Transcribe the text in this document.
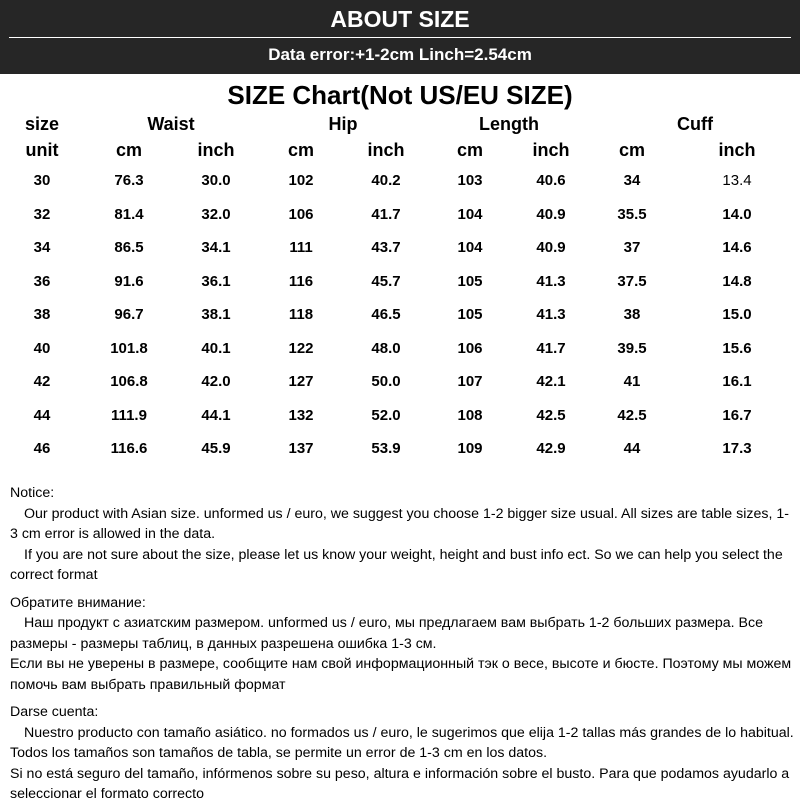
ABOUT SIZE
Data error:+1-2cm Linch=2.54cm
SIZE Chart(Not US/EU SIZE)
size	Waist		Hip		Length		Cuff	
unit	cm	inch	cm	inch	cm	inch	cm	inch
30	76.3	30.0	102	40.2	103	40.6	34	13.4
32	81.4	32.0	106	41.7	104	40.9	35.5	14.0
34	86.5	34.1	111	43.7	104	40.9	37	14.6
36	91.6	36.1	116	45.7	105	41.3	37.5	14.8
38	96.7	38.1	118	46.5	105	41.3	38	15.0
40	101.8	40.1	122	48.0	106	41.7	39.5	15.6
42	106.8	42.0	127	50.0	107	42.1	41	16.1
44	111.9	44.1	132	52.0	108	42.5	42.5	16.7
46	116.6	45.9	137	53.9	109	42.9	44	17.3
Notice:
Our product with Asian size. unformed us / euro, we suggest you choose 1-2 bigger size usual. All sizes are table sizes, 1-3 cm error is allowed in the data.
If you are not sure about the size, please let us know your weight, height and bust info ect. So we can help you select the correct format
Обратите внимание:
Наш продукт с азиатским размером. unformed us / euro, мы предлагаем вам выбрать 1-2 больших размера. Все размеры - размеры таблиц, в данных разрешена ошибка 1-3 см.
Если вы не уверены в размере, сообщите нам свой информационный тэк о весе, высоте и бюсте. Поэтому мы можем помочь вам выбрать правильный формат
Darse cuenta:
Nuestro producto con tamaño asiático. no formados us / euro, le sugerimos que elija 1-2 tallas más grandes de lo habitual. Todos los tamaños son tamaños de tabla, se permite un error de 1-3 cm en los datos.
Si no está seguro del tamaño, infórmenos sobre su peso, altura e información sobre el busto. Para que podamos ayudarlo a seleccionar el formato correcto
